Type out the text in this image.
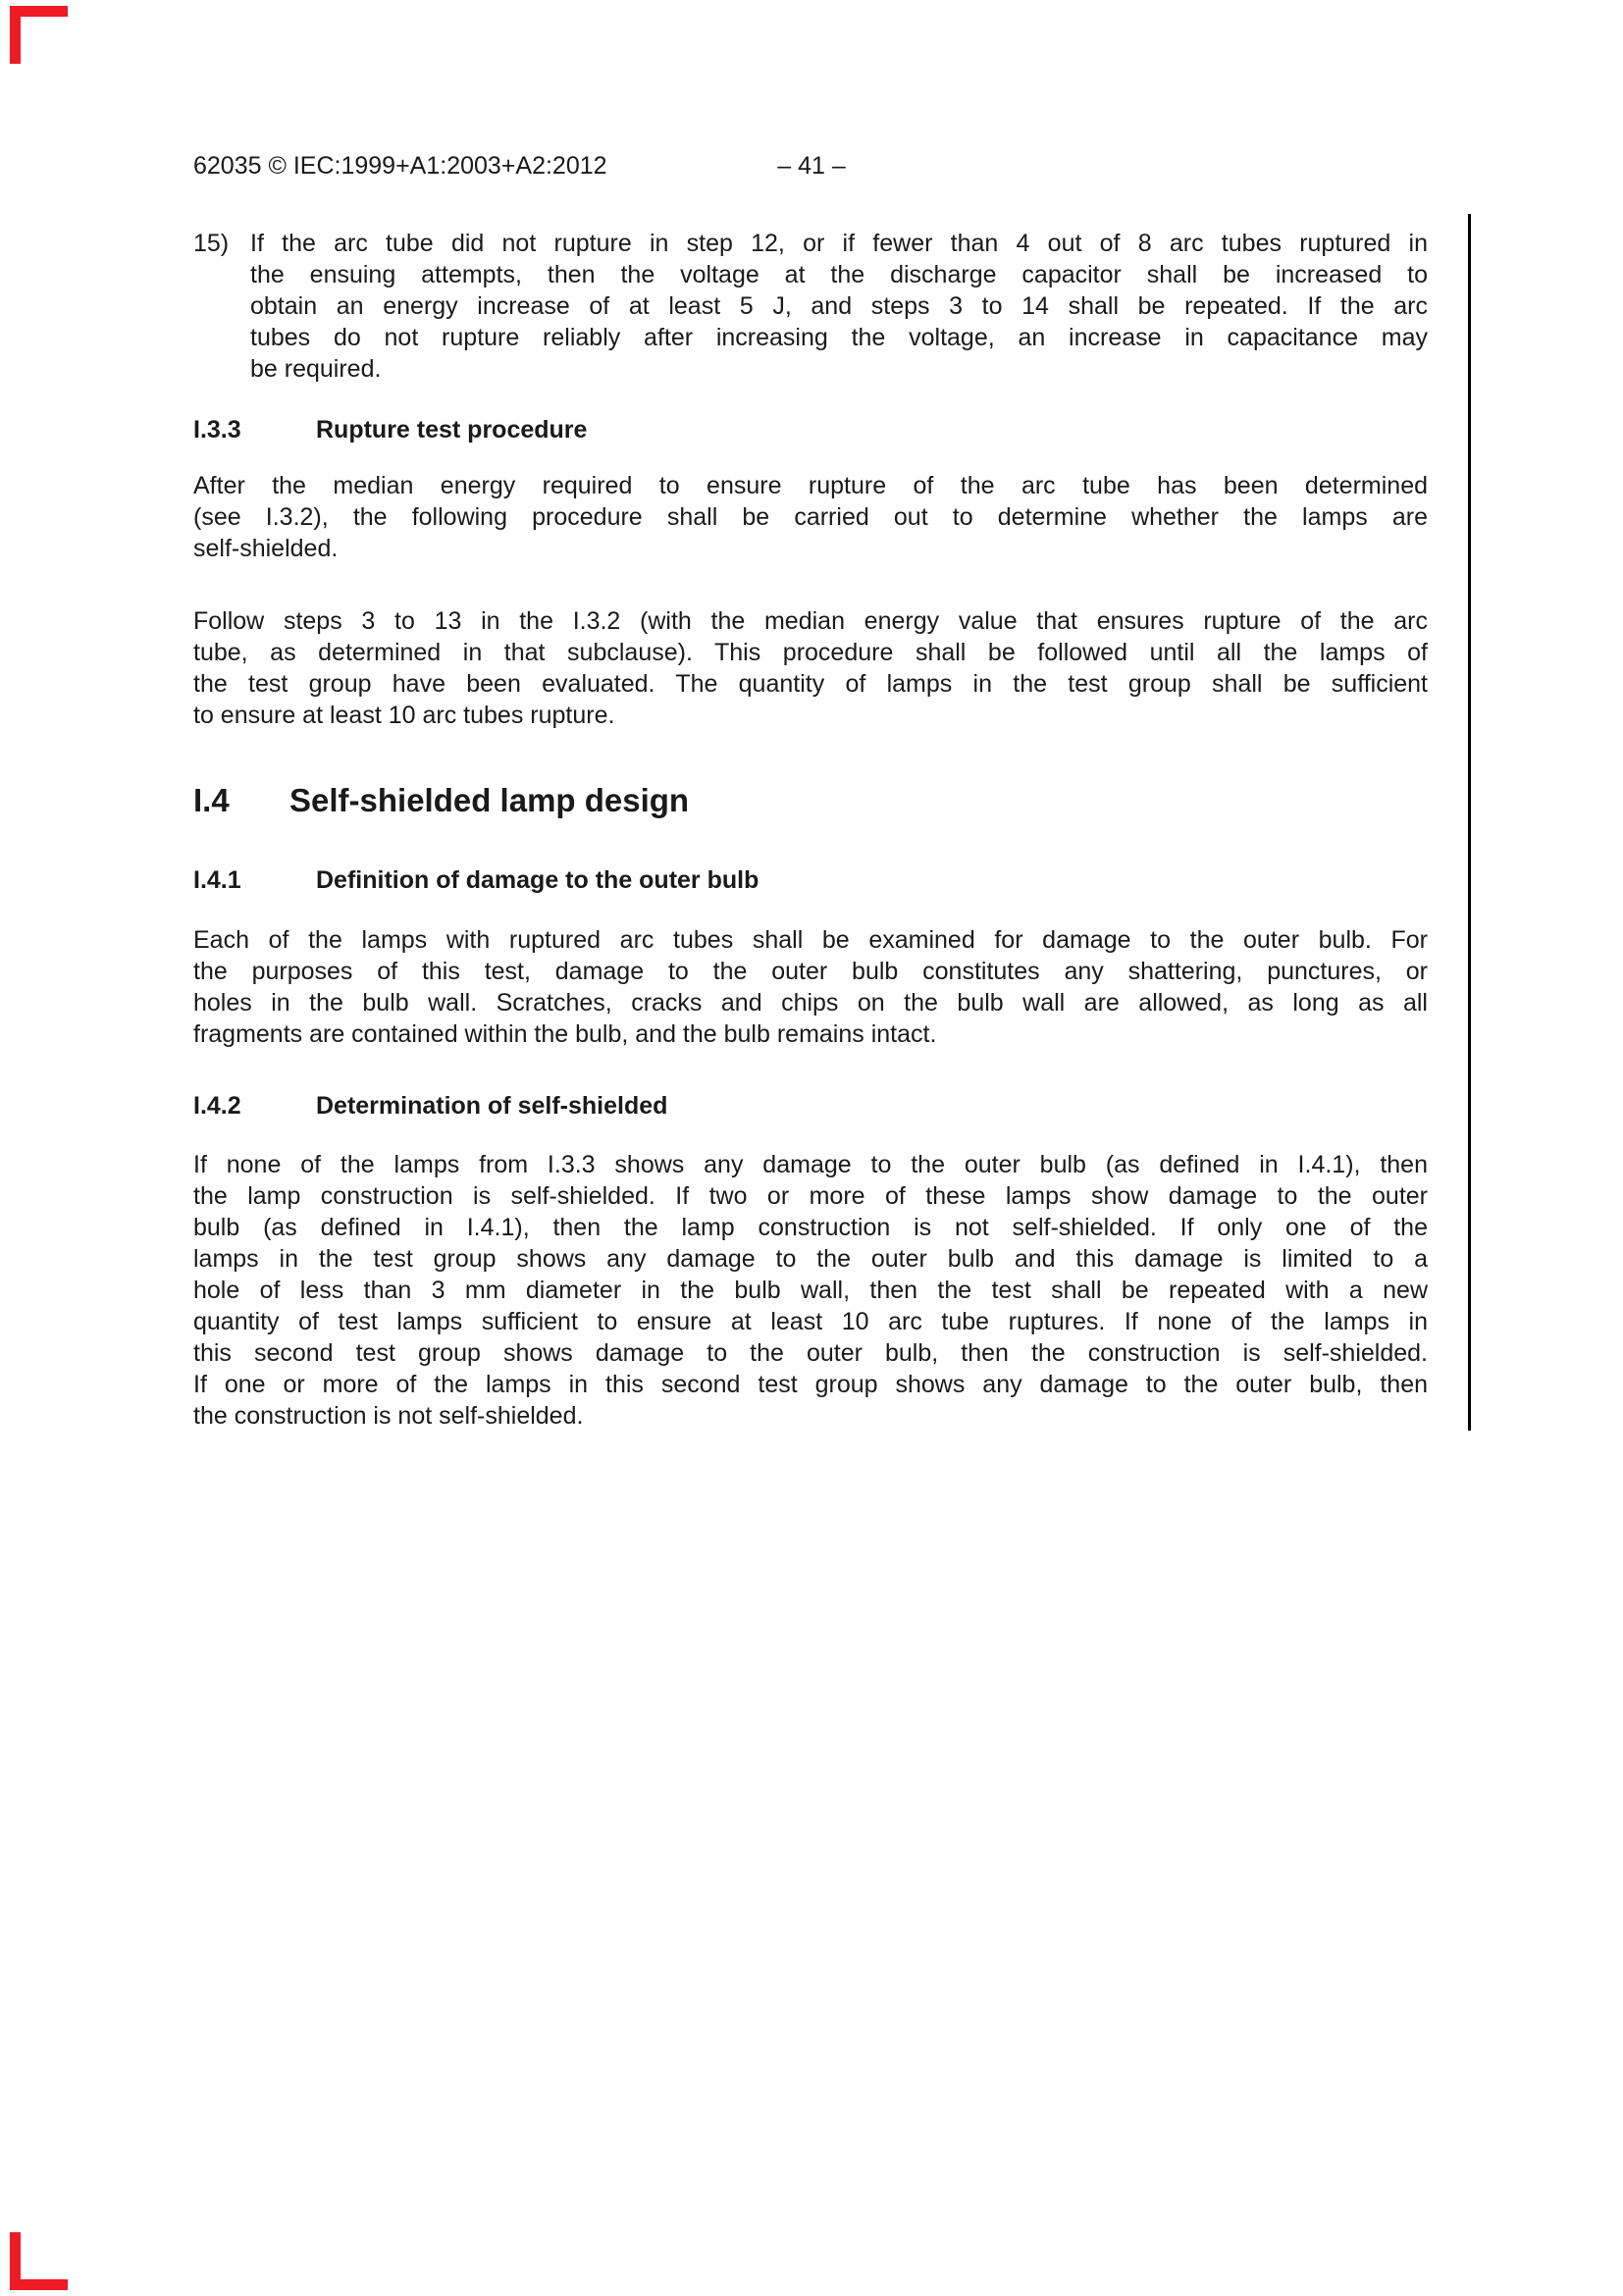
62035 © IEC:1999+A1:2003+A2:2012	– 41 –
15) If the arc tube did not rupture in step 12, or if fewer than 4 out of 8 arc tubes ruptured in
the ensuing attempts, then the voltage at the discharge capacitor shall be increased to
obtain an energy increase of at least 5 J, and steps 3 to 14 shall be repeated. If the arc
tubes do not rupture reliably after increasing the voltage, an increase in capacitance may
be required.
I.3.3	Rupture test procedure
After the median energy required to ensure rupture of the arc tube has been determined
(see I.3.2), the following procedure shall be carried out to determine whether the lamps are
self-shielded.
Follow steps 3 to 13 in the I.3.2 (with the median energy value that ensures rupture of the arc
tube, as determined in that subclause). This procedure shall be followed until all the lamps of
the test group have been evaluated. The quantity of lamps in the test group shall be sufficient
to ensure at least 10 arc tubes rupture.
I.4 Self-shielded lamp design
I.4.1	Definition of damage to the outer bulb
Each of the lamps with ruptured arc tubes shall be examined for damage to the outer bulb. For
the purposes of this test, damage to the outer bulb constitutes any shattering, punctures, or
holes in the bulb wall. Scratches, cracks and chips on the bulb wall are allowed, as long as all
fragments are contained within the bulb, and the bulb remains intact.
I.4.2	Determination of self-shielded
If none of the lamps from I.3.3 shows any damage to the outer bulb (as defined in I.4.1), then
the lamp construction is self-shielded. If two or more of these lamps show damage to the outer
bulb (as defined in I.4.1), then the lamp construction is not self-shielded. If only one of the
lamps in the test group shows any damage to the outer bulb and this damage is limited to a
hole of less than 3 mm diameter in the bulb wall, then the test shall be repeated with a new
quantity of test lamps sufficient to ensure at least 10 arc tube ruptures. If none of the lamps in
this second test group shows damage to the outer bulb, then the construction is self-shielded.
If one or more of the lamps in this second test group shows any damage to the outer bulb, then
the construction is not self-shielded.
